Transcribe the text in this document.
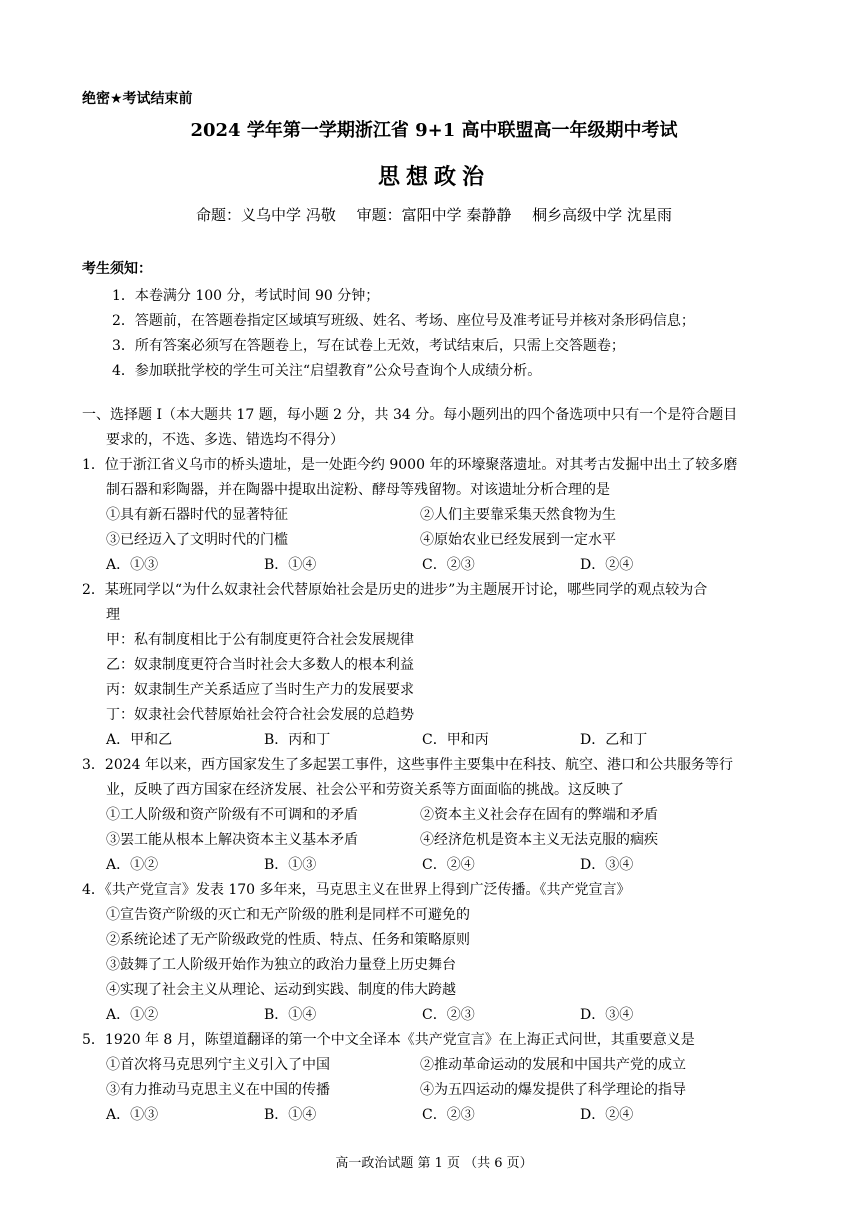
绝密★考试结束前
2024 学年第一学期浙江省 9+1 高中联盟高一年级期中考试
思想政治
命题：义乌中学 冯敬 审题：富阳中学 秦静静 桐乡高级中学 沈星雨
考生须知：
1．本卷满分 100 分，考试时间 90 分钟；
2．答题前，在答题卷指定区域填写班级、姓名、考场、座位号及准考证号并核对条形码信息；
3．所有答案必须写在答题卷上，写在试卷上无效，考试结束后，只需上交答题卷；
4．参加联批学校的学生可关注“启望教育”公众号查询个人成绩分析。
一、选择题 I（本大题共 17 题，每小题 2 分，共 34 分。每小题列出的四个备选项中只有一个是符合题目
要求的，不选、多选、错选均不得分）
1．位于浙江省义乌市的桥头遗址，是一处距今约 9000 年的环壕聚落遗址。对其考古发掘中出土了较多磨
制石器和彩陶器，并在陶器中提取出淀粉、酵母等残留物。对该遗址分析合理的是
①具有新石器时代的显著特征	②人们主要靠采集天然食物为生
③已经迈入了文明时代的门槛	④原始农业已经发展到一定水平
A．①③	B．①④	C．②③	D．②④
2．某班同学以“为什么奴隶社会代替原始社会是历史的进步”为主题展开讨论，哪些同学的观点较为合
理
甲：私有制度相比于公有制度更符合社会发展规律
乙：奴隶制度更符合当时社会大多数人的根本利益
丙：奴隶制生产关系适应了当时生产力的发展要求
丁：奴隶社会代替原始社会符合社会发展的总趋势
A．甲和乙	B．丙和丁	C．甲和丙	D．乙和丁
3．2024 年以来，西方国家发生了多起罢工事件，这些事件主要集中在科技、航空、港口和公共服务等行
业，反映了西方国家在经济发展、社会公平和劳资关系等方面面临的挑战。这反映了
①工人阶级和资产阶级有不可调和的矛盾	②资本主义社会存在固有的弊端和矛盾
③罢工能从根本上解决资本主义基本矛盾	④经济危机是资本主义无法克服的痼疾
A．①②	B．①③	C．②④	D．③④
4．《共产党宣言》发表 170 多年来，马克思主义在世界上得到广泛传播。《共产党宣言》
①宣告资产阶级的灭亡和无产阶级的胜利是同样不可避免的
②系统论述了无产阶级政党的性质、特点、任务和策略原则
③鼓舞了工人阶级开始作为独立的政治力量登上历史舞台
④实现了社会主义从理论、运动到实践、制度的伟大跨越
A．①②	B．①④	C．②③	D．③④
5．1920 年 8 月，陈望道翻译的第一个中文全译本《共产党宣言》在上海正式问世，其重要意义是
①首次将马克思列宁主义引入了中国	②推动革命运动的发展和中国共产党的成立
③有力推动马克思主义在中国的传播	④为五四运动的爆发提供了科学理论的指导
A．①③	B．①④	C．②③	D．②④
高一政治试题 第 1 页 （共 6 页）
